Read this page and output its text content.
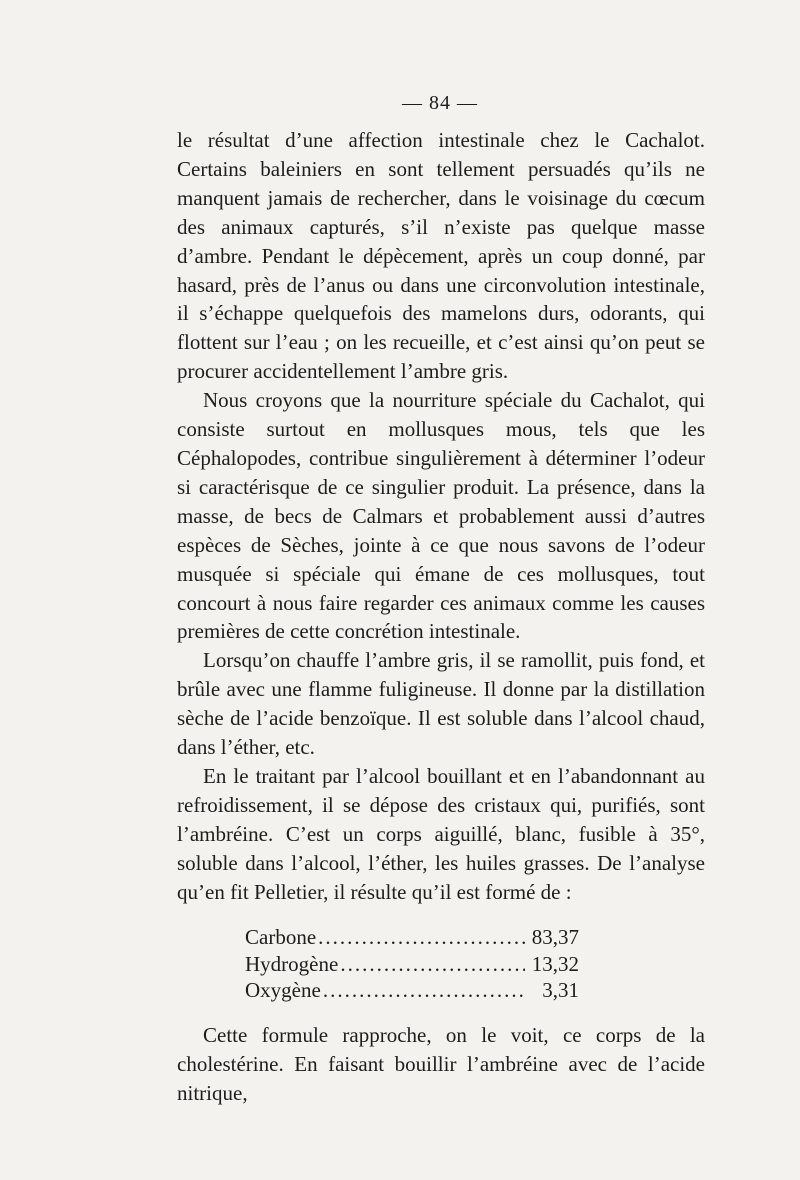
— 84 —

le résultat d’une affection intestinale chez le Cachalot. Certains baleiniers en sont tellement persuadés qu’ils ne manquent jamais de rechercher, dans le voisinage du cœcum des animaux capturés, s’il n’existe pas quelque masse d’ambre. Pendant le dépècement, après un coup donné, par hasard, près de l’anus ou dans une circonvolution intestinale, il s’échappe quelquefois des mamelons durs, odorants, qui flottent sur l’eau ; on les recueille, et c’est ainsi qu’on peut se procurer accidentellement l’ambre gris.

Nous croyons que la nourriture spéciale du Cachalot, qui consiste surtout en mollusques mous, tels que les Céphalopodes, contribue singulièrement à déterminer l’odeur si caractérisque de ce singulier produit. La présence, dans la masse, de becs de Calmars et probablement aussi d’autres espèces de Sèches, jointe à ce que nous savons de l’odeur musquée si spéciale qui émane de ces mollusques, tout concourt à nous faire regarder ces animaux comme les causes premières de cette concrétion intestinale.

Lorsqu’on chauffe l’ambre gris, il se ramollit, puis fond, et brûle avec une flamme fuligineuse. Il donne par la distillation sèche de l’acide benzoïque. Il est soluble dans l’alcool chaud, dans l’éther, etc.

En le traitant par l’alcool bouillant et en l’abandonnant au refroidissement, il se dépose des cristaux qui, purifiés, sont l’ambréine. C’est un corps aiguillé, blanc, fusible à 35°, soluble dans l’alcool, l’éther, les huiles grasses. De l’analyse qu’en fit Pelletier, il résulte qu’il est formé de :

Carbone .....	83,37
Hydrogène .....	13,32
Oxygène .....	3,31

Cette formule rapproche, on le voit, ce corps de la cholestérine. En faisant bouillir l’ambréine avec de l’acide nitrique,
